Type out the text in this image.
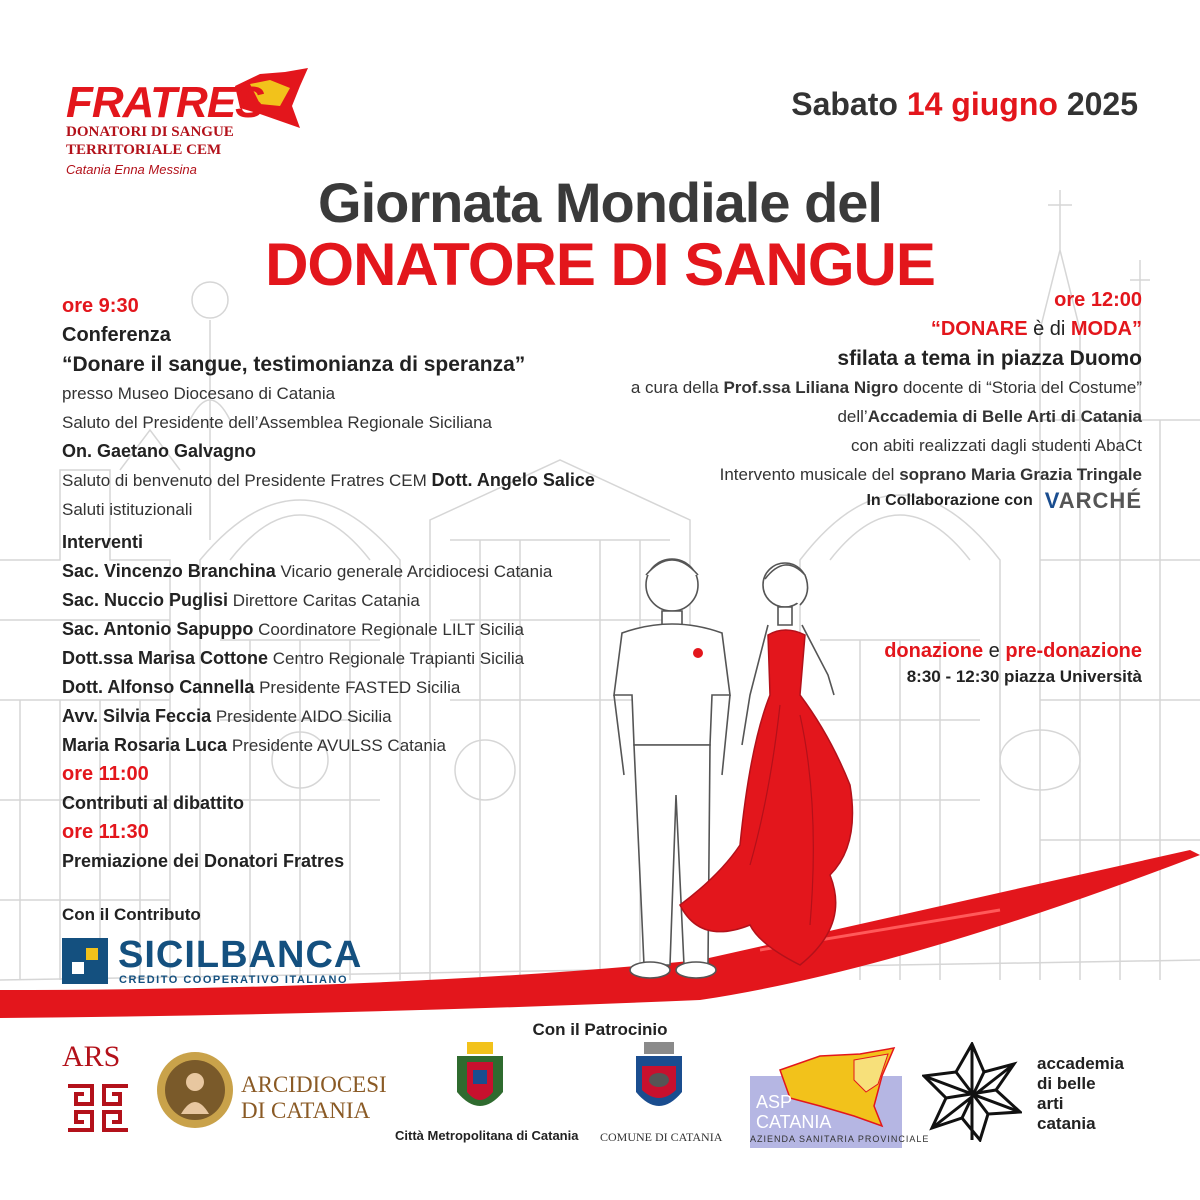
FRATRES
DONATORI DI SANGUE
TERRITORIALE CEM
Catania Enna Messina
Sabato 14 giugno 2025
Giornata Mondiale del
DONATORE DI SANGUE
ore 9:30
Conferenza
“Donare il sangue, testimonianza di speranza”
presso Museo Diocesano di Catania
Saluto del Presidente dell’Assemblea Regionale Siciliana
On. Gaetano Galvagno
Saluto di benvenuto del Presidente Fratres CEM Dott. Angelo Salice
Saluti istituzionali
Interventi
Sac. Vincenzo Branchina Vicario generale Arcidiocesi Catania
Sac. Nuccio Puglisi Direttore Caritas Catania
Sac. Antonio Sapuppo Coordinatore Regionale LILT Sicilia
Dott.ssa Marisa Cottone Centro Regionale Trapianti Sicilia
Dott. Alfonso Cannella Presidente FASTED Sicilia
Avv. Silvia Feccia Presidente AIDO Sicilia
Maria Rosaria Luca Presidente AVULSS Catania
ore 11:00
Contributi al dibattito
ore 11:30
Premiazione dei Donatori Fratres
ore 12:00
“DONARE è di MODA”
sfilata a tema in piazza Duomo
a cura della Prof.ssa Liliana Nigro docente di “Storia del Costume”
dell’Accademia di Belle Arti di Catania
con abiti realizzati dagli studenti AbaCt
Intervento musicale del soprano Maria Grazia Tringale
In Collaborazione con VARCHÉ
donazione e pre-donazione
8:30 - 12:30 piazza Università
Con il Contributo
SICILBANCA
CREDITO COOPERATIVO ITALIANO
Con il Patrocinio
ARS
ARCIDIOCESI
DI CATANIA
Città Metropolitana di Catania COMUNE DI CATANIA
ASP
CATANIA
AZIENDA SANITARIA PROVINCIALE
accademia
di belle
arti
catania
